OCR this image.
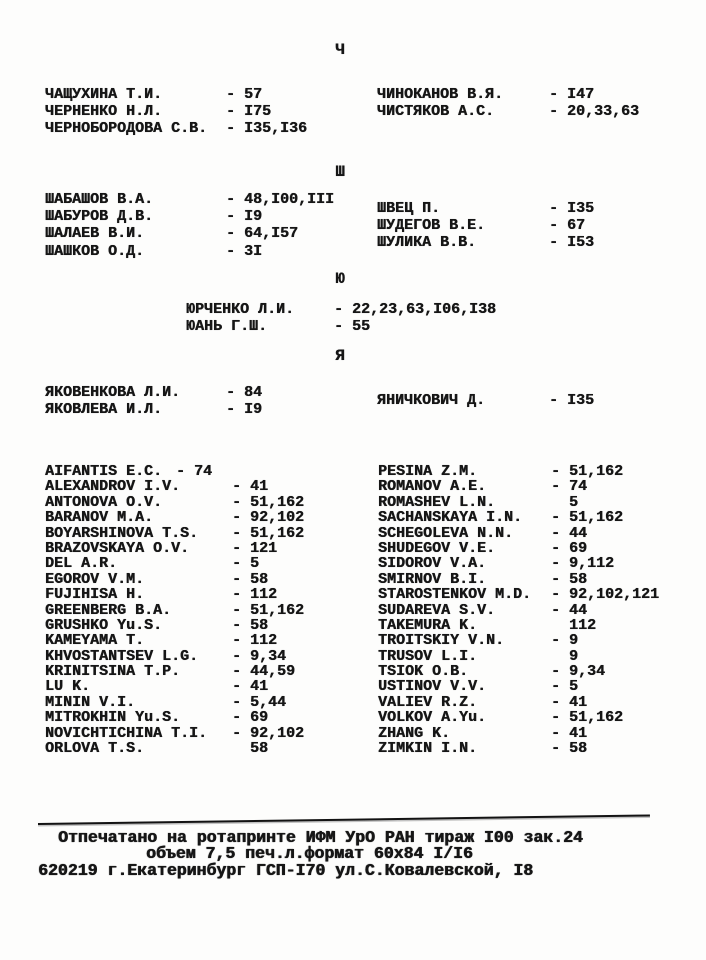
Ч
Ш
Ю
Я
ЧАЩУХИНА Т.И.	- 57
ЧЕРНЕНКО Н.Л.	- I75
ЧЕРНОБОРОДОВА С.В.	- I35,I36
ЧИНОКАНОВ В.Я.	- I47
ЧИСТЯКОВ А.С.	- 20,33,63
ШАБАШОВ В.А.	- 48,I00,III
ШАБУРОВ Д.В.	- I9
ШАЛАЕВ В.И.	- 64,I57
ШАШКОВ О.Д.	- 3I
ШВЕЦ П.	- I35
ШУДЕГОВ В.Е.	- 67
ШУЛИКА В.В.	- I53
ЮРЧЕНКО Л.И.	- 22,23,63,I06,I38
ЮАНЬ Г.Ш.	- 55
ЯКОВЕНКОВА Л.И.	- 84
ЯКОВЛЕВА И.Л.	- I9
ЯНИЧКОВИЧ Д.	- I35
AIFANTIS E.C. - 74
ALEXANDROV I.V.	- 41
ANTONOVA O.V.	- 51,162
BARANOV M.A.	- 92,102
BOYARSHINOVA T.S.	- 51,162
BRAZOVSKAYA O.V.	- 121
DEL A.R.	- 5
EGOROV V.M.	- 58
FUJIHISA H.	- 112
GREENBERG B.A.	- 51,162
GRUSHKO Yu.S.	- 58
KAMEYAMA T.	- 112
KHVOSTANTSEV L.G.	- 9,34
KRINITSINA T.P.	- 44,59
LU K.	- 41
MININ V.I.	- 5,44
MITROKHIN Yu.S.	- 69
NOVICHTICHINA T.I.	- 92,102
ORLOVA T.S.	58
PESINA Z.M.	- 51,162
ROMANOV A.E.	- 74
ROMASHEV L.N.	5
SACHANSKAYA I.N.	- 51,162
SCHEGOLEVA N.N.	- 44
SHUDEGOV V.E.	- 69
SIDOROV V.A.	- 9,112
SMIRNOV B.I.	- 58
STAROSTENKOV M.D.	- 92,102,121
SUDAREVA S.V.	- 44
TAKEMURA K.	112
TROITSKIY V.N.	- 9
TRUSOV L.I.	9
TSIOK O.B.	- 9,34
USTINOV V.V.	- 5
VALIEV R.Z.	- 41
VOLKOV A.Yu.	- 51,162
ZHANG K.	- 41
ZIMKIN I.N.	- 58
Отпечатано на ротапринте ИФМ УрО РАН тираж I00 зак.24
объем 7,5 печ.л.формат 60х84 I/I6
620219 г.Екатеринбург ГСП-I70 ул.С.Ковалевской, I8
